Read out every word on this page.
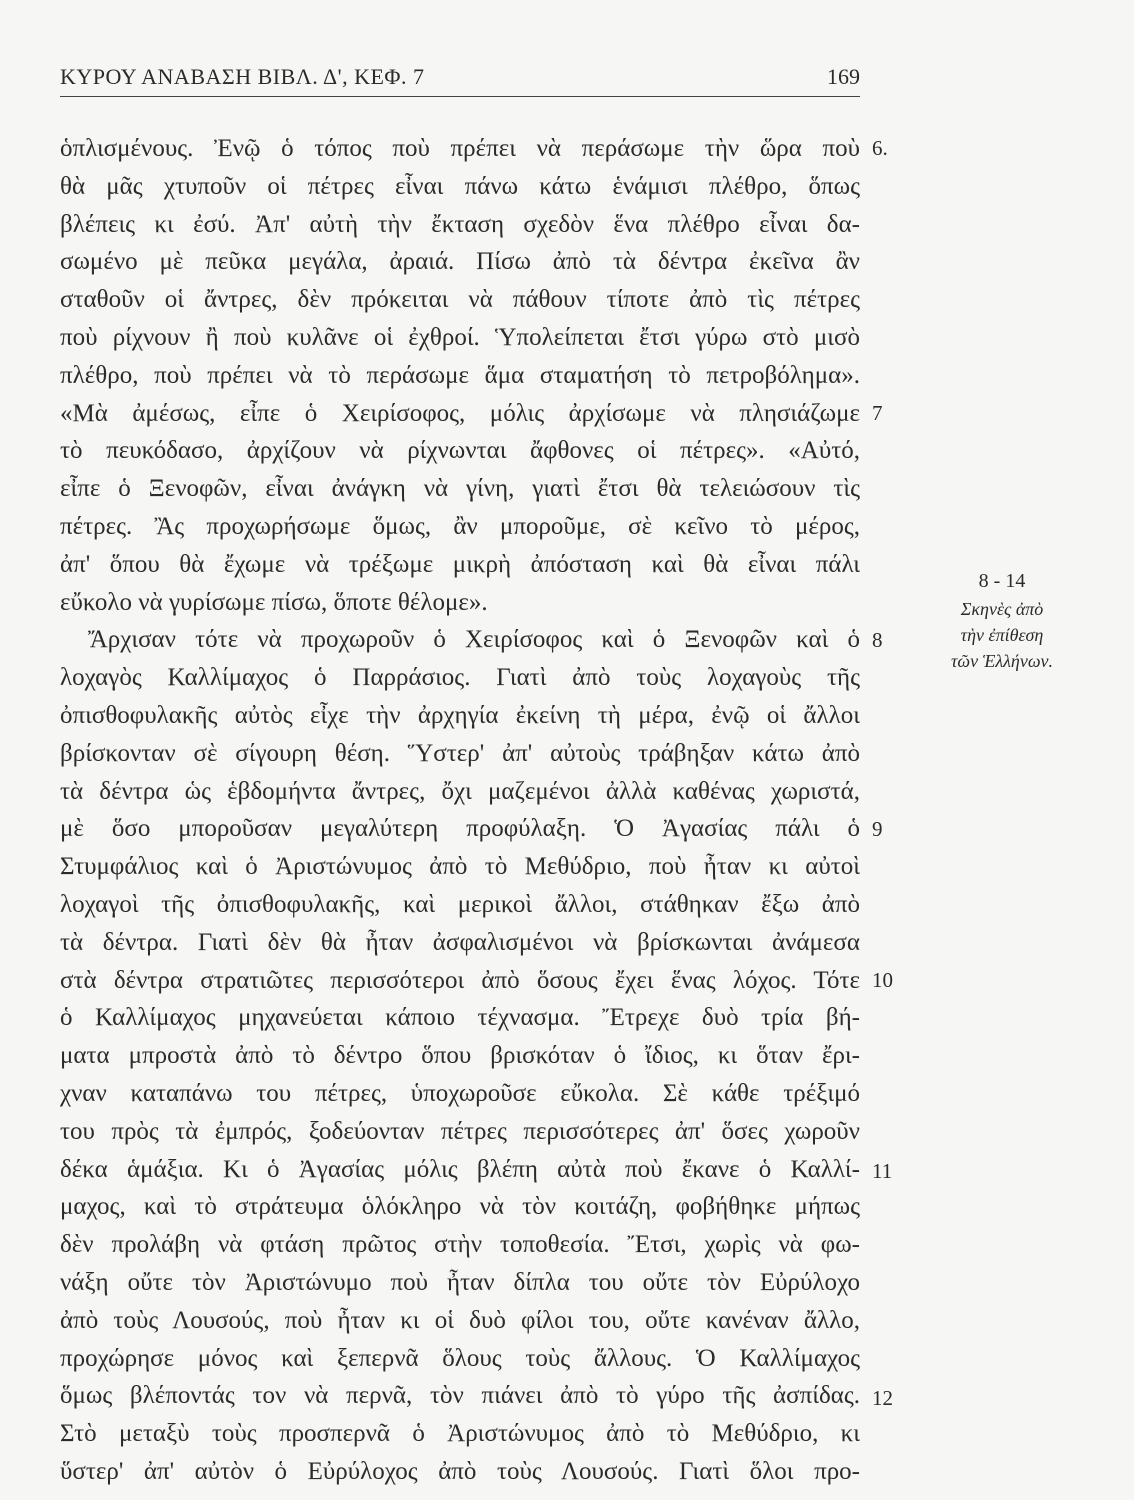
ΚΥΡΟΥ ΑΝΑΒΑΣΗ ΒΙΒΛ. Δ', ΚΕΦ. 7	169
ὁπλισμένους. Ἐνῷ ὁ τόπος ποὺ πρέπει νὰ περάσωμε τὴν ὥρα ποὺ
θὰ μᾶς χτυποῦν οἱ πέτρες εἶναι πάνω κάτω ἑνάμισι πλέθρο, ὅπως
βλέπεις κι ἐσύ. Ἀπ' αὐτὴ τὴν ἔκταση σχεδὸν ἕνα πλέθρο εἶναι δα-
σωμένο μὲ πεῦκα μεγάλα, ἀραιά. Πίσω ἀπὸ τὰ δέντρα ἐκεῖνα ἂν
σταθοῦν οἱ ἄντρες, δὲν πρόκειται νὰ πάθουν τίποτε ἀπὸ τὶς πέτρες
ποὺ ρίχνουν ἢ ποὺ κυλᾶνε οἱ ἐχθροί. Ὑπολείπεται ἔτσι γύρω στὸ μισὸ
πλέθρο, ποὺ πρέπει νὰ τὸ περάσωμε ἅμα σταματήση τὸ πετροβόλημα».
«Μὰ ἀμέσως, εἶπε ὁ Χειρίσοφος, μόλις ἀρχίσωμε νὰ πλησιάζωμε
τὸ πευκόδασο, ἀρχίζουν νὰ ρίχνωνται ἄφθονες οἱ πέτρες». «Αὐτό,
εἶπε ὁ Ξενοφῶν, εἶναι ἀνάγκη νὰ γίνη, γιατὶ ἔτσι θὰ τελειώσουν τὶς
πέτρες. Ἂς προχωρήσωμε ὅμως, ἂν μποροῦμε, σὲ κεῖνο τὸ μέρος,
ἀπ' ὅπου θὰ ἔχωμε νὰ τρέξωμε μικρὴ ἀπόσταση καὶ θὰ εἶναι πάλι
εὔκολο νὰ γυρίσωμε πίσω, ὅποτε θέλομε».
Ἄρχισαν τότε νὰ προχωροῦν ὁ Χειρίσοφος καὶ ὁ Ξενοφῶν καὶ ὁ
λοχαγὸς Καλλίμαχος ὁ Παρράσιος. Γιατὶ ἀπὸ τοὺς λοχαγοὺς τῆς
ὀπισθοφυλακῆς αὐτὸς εἶχε τὴν ἀρχηγία ἐκείνη τὴ μέρα, ἐνῷ οἱ ἄλλοι
βρίσκονταν σὲ σίγουρη θέση. Ὕστερ' ἀπ' αὐτοὺς τράβηξαν κάτω ἀπὸ
τὰ δέντρα ὡς ἑβδομήντα ἄντρες, ὄχι μαζεμένοι ἀλλὰ καθένας χωριστά,
μὲ ὅσο μποροῦσαν μεγαλύτερη προφύλαξη. Ὁ Ἀγασίας πάλι ὁ
Στυμφάλιος καὶ ὁ Ἀριστώνυμος ἀπὸ τὸ Μεθύδριο, ποὺ ἦταν κι αὐτοὶ
λοχαγοὶ τῆς ὀπισθοφυλακῆς, καὶ μερικοὶ ἄλλοι, στάθηκαν ἔξω ἀπὸ
τὰ δέντρα. Γιατὶ δὲν θὰ ἦταν ἀσφαλισμένοι νὰ βρίσκωνται ἀνάμεσα
στὰ δέντρα στρατιῶτες περισσότεροι ἀπὸ ὅσους ἔχει ἕνας λόχος. Τότε
ὁ Καλλίμαχος μηχανεύεται κάποιο τέχνασμα. Ἔτρεχε δυὸ τρία βή-
ματα μπροστὰ ἀπὸ τὸ δέντρο ὅπου βρισκόταν ὁ ἴδιος, κι ὅταν ἔρι-
χναν καταπάνω του πέτρες, ὑποχωροῦσε εὔκολα. Σὲ κάθε τρέξιμό
του πρὸς τὰ ἐμπρός, ξοδεύονταν πέτρες περισσότερες ἀπ' ὅσες χωροῦν
δέκα ἁμάξια. Κι ὁ Ἀγασίας μόλις βλέπη αὐτὰ ποὺ ἔκανε ὁ Καλλί-
μαχος, καὶ τὸ στράτευμα ὁλόκληρο νὰ τὸν κοιτάζη, φοβήθηκε μήπως
δὲν προλάβη νὰ φτάση πρῶτος στὴν τοποθεσία. Ἔτσι, χωρὶς νὰ φω-
νάξη οὔτε τὸν Ἀριστώνυμο ποὺ ἦταν δίπλα του οὔτε τὸν Εὐρύλοχο
ἀπὸ τοὺς Λουσούς, ποὺ ἦταν κι οἱ δυὸ φίλοι του, οὔτε κανέναν ἄλλο,
προχώρησε μόνος καὶ ξεπερνᾶ ὅλους τοὺς ἄλλους. Ὁ Καλλίμαχος
ὅμως βλέποντάς τον νὰ περνᾶ, τὸν πιάνει ἀπὸ τὸ γύρο τῆς ἀσπίδας.
Στὸ μεταξὺ τοὺς προσπερνᾶ ὁ Ἀριστώνυμος ἀπὸ τὸ Μεθύδριο, κι
ὕστερ' ἀπ' αὐτὸν ὁ Εὐρύλοχος ἀπὸ τοὺς Λουσούς. Γιατὶ ὅλοι προ-
6.
7
8
9
10
11
12
8 - 14
Σκηνὲς ἀπὸ
τὴν ἐπίθεση
τῶν Ἑλλήνων.
